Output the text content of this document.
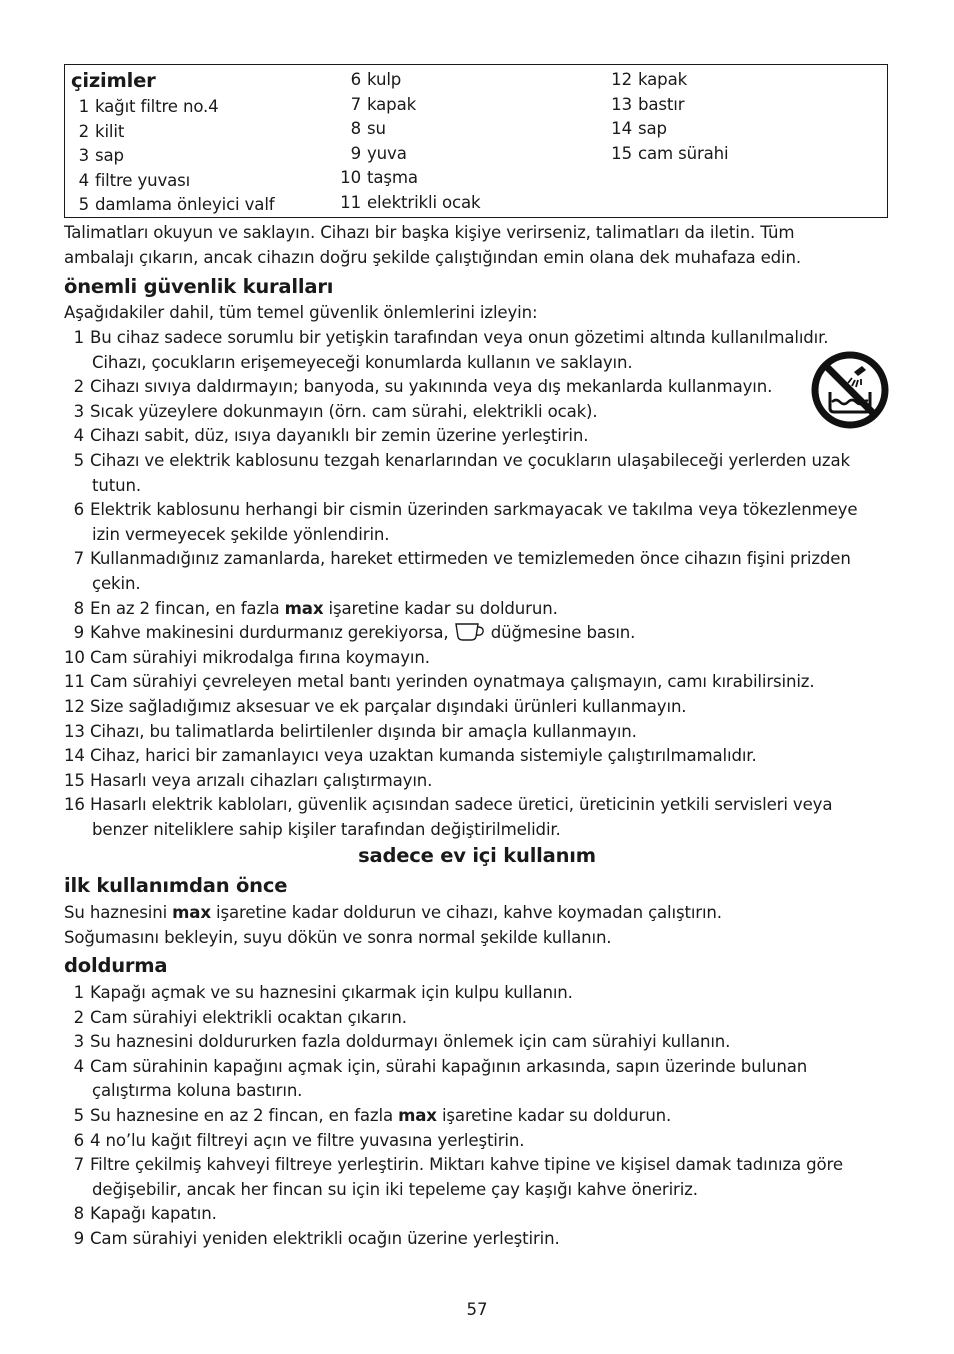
çizimler
1 kağıt filtre no.4
2 kilit
3 sap
4 filtre yuvası
5 damlama önleyici valf
6 kulp
7 kapak
8 su
9 yuva
10 taşma
11 elektrikli ocak
12 kapak
13 bastır
14 sap
15 cam sürahi

Talimatları okuyun ve saklayın. Cihazı bir başka kişiye verirseniz, talimatları da iletin. Tüm

ambalajı çıkarın, ancak cihazın doğru şekilde çalıştığından emin olana dek muhafaza edin.

önemli güvenlik kuralları

Aşağıdakiler dahil, tüm temel güvenlik önlemlerini izleyin:

1 Bu cihaz sadece sorumlu bir yetişkin tarafından veya onun gözetimi altında kullanılmalıdır.
Cihazı, çocukların erişemeyeceği konumlarda kullanın ve saklayın.
2 Cihazı sıvıya daldırmayın; banyoda, su yakınında veya dış mekanlarda kullanmayın.
3 Sıcak yüzeylere dokunmayın (örn. cam sürahi, elektrikli ocak).
4 Cihazı sabit, düz, ısıya dayanıklı bir zemin üzerine yerleştirin.
5 Cihazı ve elektrik kablosunu tezgah kenarlarından ve çocukların ulaşabileceği yerlerden uzak
tutun.
6 Elektrik kablosunu herhangi bir cismin üzerinden sarkmayacak ve takılma veya tökezlenmeye
izin vermeyecek şekilde yönlendirin.
7 Kullanmadığınız zamanlarda, hareket ettirmeden ve temizlemeden önce cihazın fişini prizden
çekin.
8 En az 2 fincan, en fazla max işaretine kadar su doldurun.
9 Kahve makinesini durdurmanız gerekiyorsa,  düğmesine basın.
10 Cam sürahiyi mikrodalga fırına koymayın.
11 Cam sürahiyi çevreleyen metal bantı yerinden oynatmaya çalışmayın, camı kırabilirsiniz.
12 Size sağladığımız aksesuar ve ek parçalar dışındaki ürünleri kullanmayın.
13 Cihazı, bu talimatlarda belirtilenler dışında bir amaçla kullanmayın.
14 Cihaz, harici bir zamanlayıcı veya uzaktan kumanda sistemiyle çalıştırılmamalıdır.
15 Hasarlı veya arızalı cihazları çalıştırmayın.
16 Hasarlı elektrik kabloları, güvenlik açısından sadece üretici, üreticinin yetkili servisleri veya
benzer niteliklere sahip kişiler tarafından değiştirilmelidir.
sadece ev içi kullanım
ilk kullanımdan önce

Su haznesini max işaretine kadar doldurun ve cihazı, kahve koymadan çalıştırın.

Soğumasını bekleyin, suyu dökün ve sonra normal şekilde kullanın.

doldurma
1 Kapağı açmak ve su haznesini çıkarmak için kulpu kullanın.
2 Cam sürahiyi elektrikli ocaktan çıkarın.
3 Su haznesini doldururken fazla doldurmayı önlemek için cam sürahiyi kullanın.
4 Cam sürahinin kapağını açmak için, sürahi kapağının arkasında, sapın üzerinde bulunan
çalıştırma koluna bastırın.
5 Su haznesine en az 2 fincan, en fazla max işaretine kadar su doldurun.
6 4 no’lu kağıt filtreyi açın ve filtre yuvasına yerleştirin.
7 Filtre çekilmiş kahveyi filtreye yerleştirin. Miktarı kahve tipine ve kişisel damak tadınıza göre
değişebilir, ancak her fincan su için iki tepeleme çay kaşığı kahve öneririz.
8 Kapağı kapatın.
9 Cam sürahiyi yeniden elektrikli ocağın üzerine yerleştirin.
57
